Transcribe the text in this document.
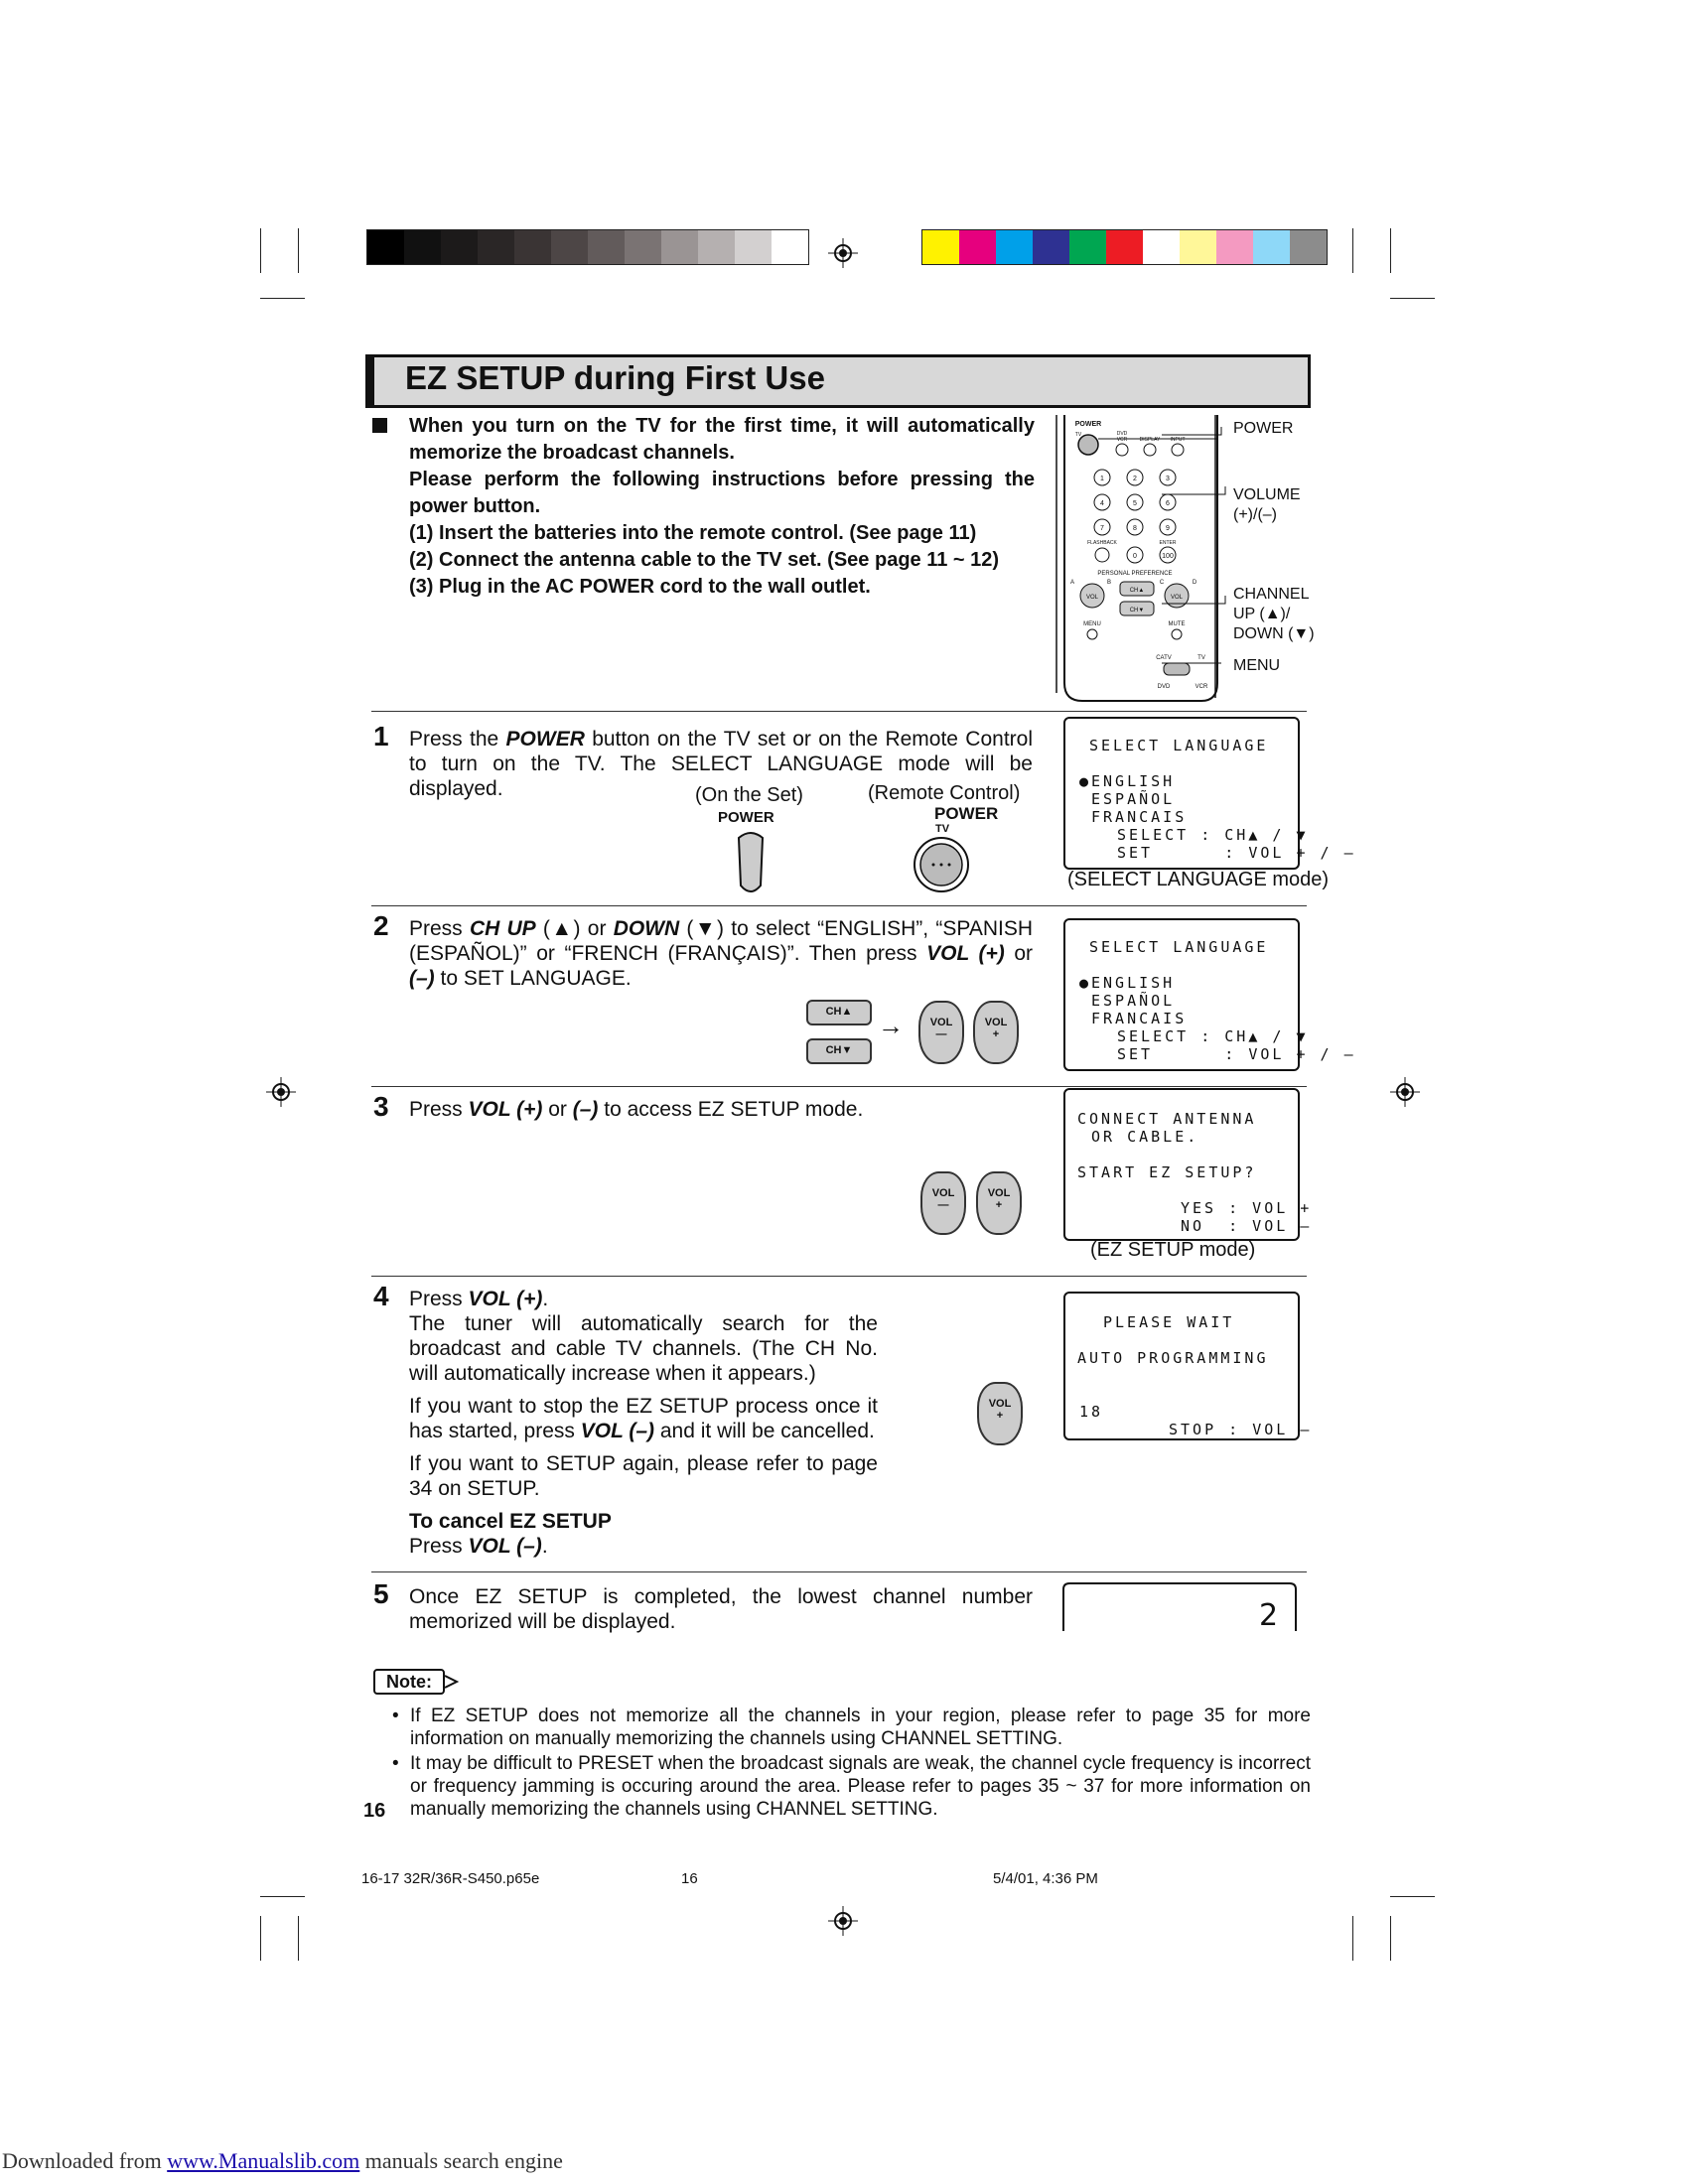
EZ SETUP during First Use

When you turn on the TV for the first time, it will automatically memorize the broadcast channels.

Please perform the following instructions before pressing the power button.

(1) Insert the batteries into the remote control. (See page 11)

(2) Connect the antenna cable to the TV set. (See page 11 ~ 12)

(3) Plug in the AC POWER cord to the wall outlet.

1	2	3
4	5	6
7	8	9
0	100
POWER
TV	DVD
VCR DISPLAY INPUT
FLASHBACK	ENTER
PERSONAL PREFERENCE
A	B	C	D
VOL	VOL
CH▲
CH▼
MENU	MUTE
CATV	TV
DVD	VCR
POWER
VOLUME
(+)/(–)
CHANNEL
UP (▲)/
DOWN (▼)
MENU
1 Press the POWER button on the TV set or on the Remote Control to turn on the TV. The SELECT LANGUAGE mode will be displayed.	(On the Set)	(Remote Control)
POWER	POWER
TV
SELECT LANGUAGE
● ENGLISH
ESPAÑOL
FRANCAIS
SELECT : CH▲ / ▼
SET      : VOL + / –
(SELECT LANGUAGE mode)
2 Press CH UP (▲) or DOWN (▼) to select “ENGLISH”, “SPANISH (ESPAÑOL)” or “FRENCH (FRANÇAIS)”. Then press VOL (+) or (–) to SET LANGUAGE.
CH▲
CH▼
→	VOL
—
VOL
+
SELECT LANGUAGE
● ENGLISH
ESPAÑOL
FRANCAIS
SELECT : CH▲ / ▼
SET      : VOL + / –
3 Press VOL (+) or (–) to access EZ SETUP mode.
VOL
—
VOL
+
CONNECT ANTENNA
OR CABLE.
START EZ SETUP?
YES : VOL +
NO  : VOL –
(EZ SETUP mode)
4 Press VOL (+).
The tuner will automatically search for the broadcast and cable TV channels. (The CH No. will automatically increase when it appears.)
If you want to stop the EZ SETUP process once it has started, press VOL (–) and it will be cancelled.
If you want to SETUP again, please refer to page 34 on SETUP.
To cancel EZ SETUP
Press VOL (–).
VOL
+
PLEASE WAIT
AUTO PROGRAMMING
18
STOP : VOL –
5 Once EZ SETUP is completed, the lowest channel number memorized will be displayed.	2
Note:
• If EZ SETUP does not memorize all the channels in your region, please refer to page 35 for more information on manually memorizing the channels using CHANNEL SETTING.
• It may be difficult to PRESET when the broadcast signals are weak, the channel cycle frequency is incorrect or frequency jamming is occuring around the area. Please refer to pages 35 ~ 37 for more information on manually memorizing the channels using CHANNEL SETTING.
16
16-17 32R/36R-S450.p65e	16	5/4/01, 4:36 PM
Downloaded from www.Manualslib.com manuals search engine
